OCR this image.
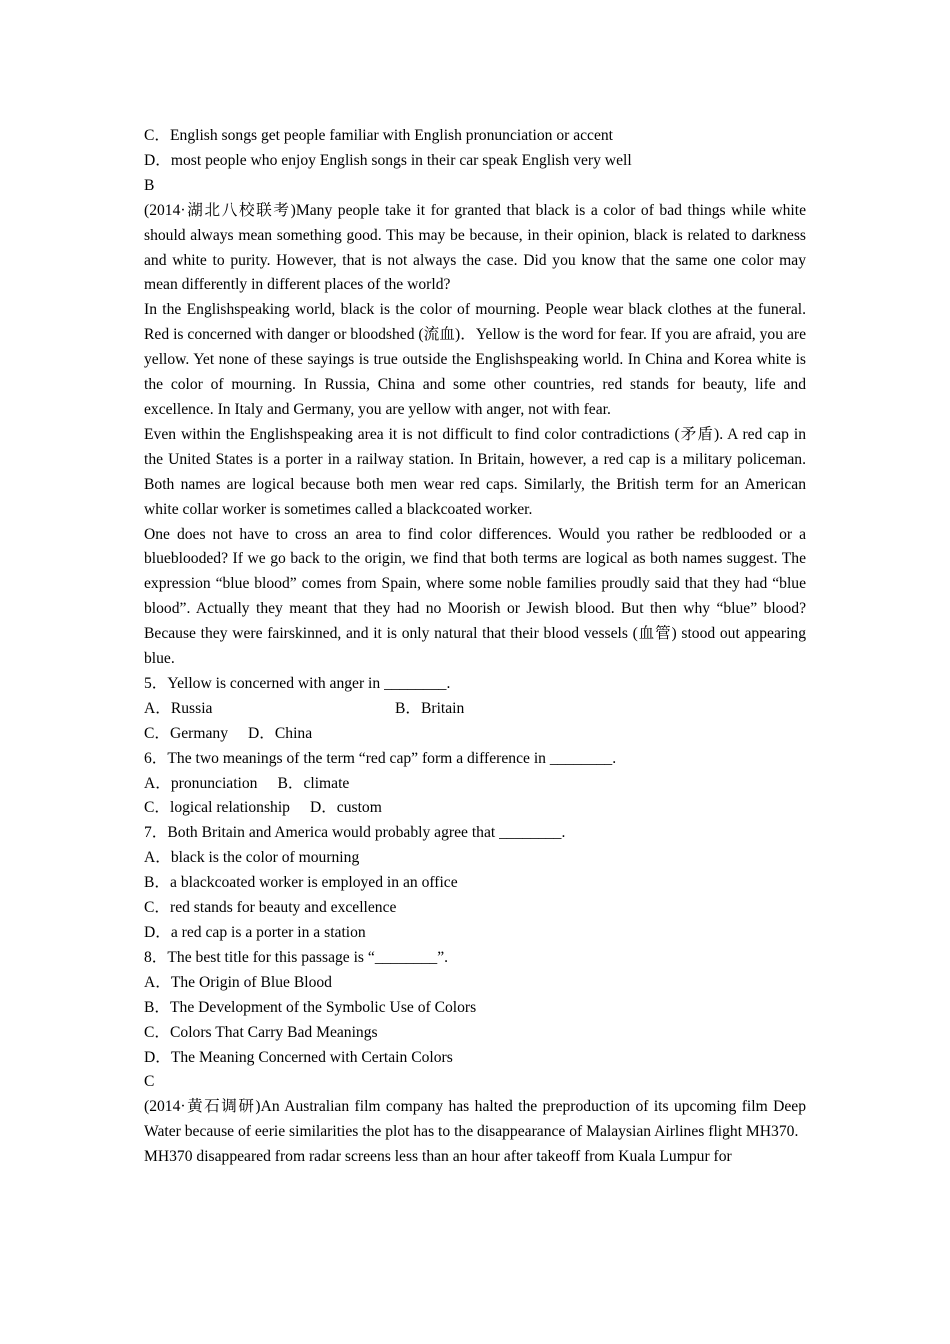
C．English songs get people familiar with English pronunciation or accent

D．most people who enjoy English songs in their car speak English very well

B

(2014·湖北八校联考)Many people take it for granted that black is a color of bad things while white should always mean something good. This may be because, in their opinion, black is related to darkness and white to purity. However, that is not always the case. Did you know that the same one color may mean differently in different places of the world?

In the Englishspeaking world, black is the color of mourning. People wear black clothes at the funeral. Red is concerned with danger or bloodshed (流血)．Yellow is the word for fear. If you are afraid, you are yellow. Yet none of these sayings is true outside the Englishspeaking world. In China and Korea white is the color of mourning. In Russia, China and some other countries, red stands for beauty, life and excellence. In Italy and Germany, you are yellow with anger, not with fear.

Even within the Englishspeaking area it is not difficult to find color contradictions (矛盾). A red cap in the United States is a porter in a railway station. In Britain, however, a red cap is a military policeman. Both names are logical because both men wear red caps. Similarly, the British term for an American white collar worker is sometimes called a blackcoated worker.

One does not have to cross an area to find color differences. Would you rather be redblooded or a blueblooded? If we go back to the origin, we find that both terms are logical as both names suggest. The expression “blue blood” comes from Spain, where some noble families proudly said that they had “blue blood”. Actually they meant that they had no Moorish or Jewish blood. But then why “blue” blood? Because they were fairskinned, and it is only natural that their blood vessels (血管) stood out appearing blue.

5．Yellow is concerned with anger in ________.

A．Russia	B．Britain
C．Germany D．China

6．The two meanings of the term “red cap” form a difference in ________.

A．pronunciation B．climate
C．logical relationship D．custom

7．Both Britain and America would probably agree that ________.

A．black is the color of mourning

B．a blackcoated worker is employed in an office

C．red stands for beauty and excellence

D．a red cap is a porter in a station

8．The best title for this passage is “________”.

A．The Origin of Blue Blood

B．The Development of the Symbolic Use of Colors

C．Colors That Carry Bad Meanings

D．The Meaning Concerned with Certain Colors

C

(2014·黄石调研)An Australian film company has halted the preproduction of its upcoming film Deep Water because of eerie similarities the plot has to the disappearance of Malaysian Airlines flight MH370.

MH370 disappeared from radar screens less than an hour after takeoff from Kuala Lumpur for
